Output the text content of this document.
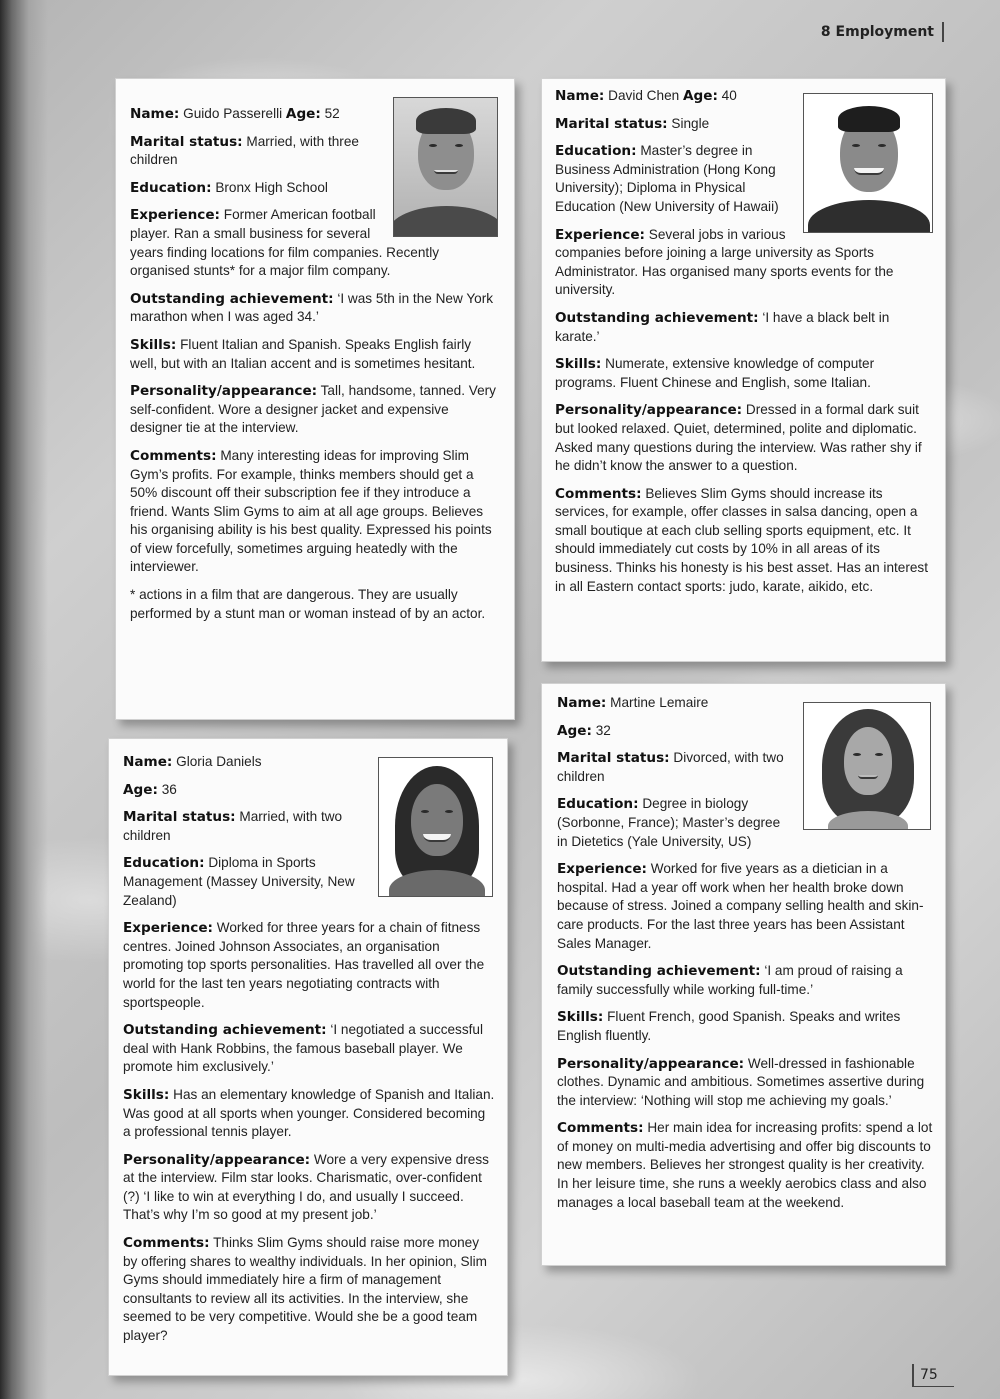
8 Employment

Name: Guido Passerelli Age: 52

Marital status: Married, with three children

Education: Bronx High School

Experience: Former American football player. Ran a small business for several years finding locations for film companies. Recently organised stunts* for a major film company.

Outstanding achievement: ‘I was 5th in the New York marathon when I was aged 34.’

Skills: Fluent Italian and Spanish. Speaks English fairly well, but with an Italian accent and is sometimes hesitant.

Personality/appearance: Tall, handsome, tanned. Very self-confident. Wore a designer jacket and expensive designer tie at the interview.

Comments: Many interesting ideas for improving Slim Gym’s profits. For example, thinks members should get a 50% discount off their subscription fee if they introduce a friend. Wants Slim Gyms to aim at all age groups. Believes his organising ability is his best quality. Expressed his points of view forcefully, sometimes arguing heatedly with the interviewer.

* actions in a film that are dangerous. They are usually performed by a stunt man or woman instead of by an actor.

Name: David Chen Age: 40

Marital status: Single

Education: Master’s degree in Business Administration (Hong Kong University); Diploma in Physical Education (New University of Hawaii)

Experience: Several jobs in various companies before joining a large university as Sports Administrator. Has organised many sports events for the university.

Outstanding achievement: ‘I have a black belt in karate.’

Skills: Numerate, extensive knowledge of computer programs. Fluent Chinese and English, some Italian.

Personality/appearance: Dressed in a formal dark suit but looked relaxed. Quiet, determined, polite and diplomatic. Asked many questions during the interview. Was rather shy if he didn’t know the answer to a question.

Comments: Believes Slim Gyms should increase its services, for example, offer classes in salsa dancing, open a small boutique at each club selling sports equipment, etc. It should immediately cut costs by 10% in all areas of its business. Thinks his honesty is his best asset. Has an interest in all Eastern contact sports: judo, karate, aikido, etc.

Name: Gloria Daniels

Age: 36

Marital status: Married, with two children

Education: Diploma in Sports Management (Massey University, New Zealand)

Experience: Worked for three years for a chain of fitness centres. Joined Johnson Associates, an organisation promoting top sports personalities. Has travelled all over the world for the last ten years negotiating contracts with sportspeople.

Outstanding achievement: ‘I negotiated a successful deal with Hank Robbins, the famous baseball player. We promote him exclusively.’

Skills: Has an elementary knowledge of Spanish and Italian. Was good at all sports when younger. Considered becoming a professional tennis player.

Personality/appearance: Wore a very expensive dress at the interview. Film star looks. Charismatic, over-confident (?) ‘I like to win at everything I do, and usually I succeed. That’s why I’m so good at my present job.’

Comments: Thinks Slim Gyms should raise more money by offering shares to wealthy individuals. In her opinion, Slim Gyms should immediately hire a firm of management consultants to review all its activities. In the interview, she seemed to be very competitive. Would she be a good team player?

Name: Martine Lemaire

Age: 32

Marital status: Divorced, with two children

Education: Degree in biology (Sorbonne, France); Master’s degree in Dietetics (Yale University, US)

Experience: Worked for five years as a dietician in a hospital. Had a year off work when her health broke down because of stress. Joined a company selling health and skin-care products. For the last three years has been Assistant Sales Manager.

Outstanding achievement: ‘I am proud of raising a family successfully while working full-time.’

Skills: Fluent French, good Spanish. Speaks and writes English fluently.

Personality/appearance: Well-dressed in fashionable clothes. Dynamic and ambitious. Sometimes assertive during the interview: ‘Nothing will stop me achieving my goals.’

Comments: Her main idea for increasing profits: spend a lot of money on multi-media advertising and offer big discounts to new members. Believes her strongest quality is her creativity. In her leisure time, she runs a weekly aerobics class and also manages a local baseball team at the weekend.

75
